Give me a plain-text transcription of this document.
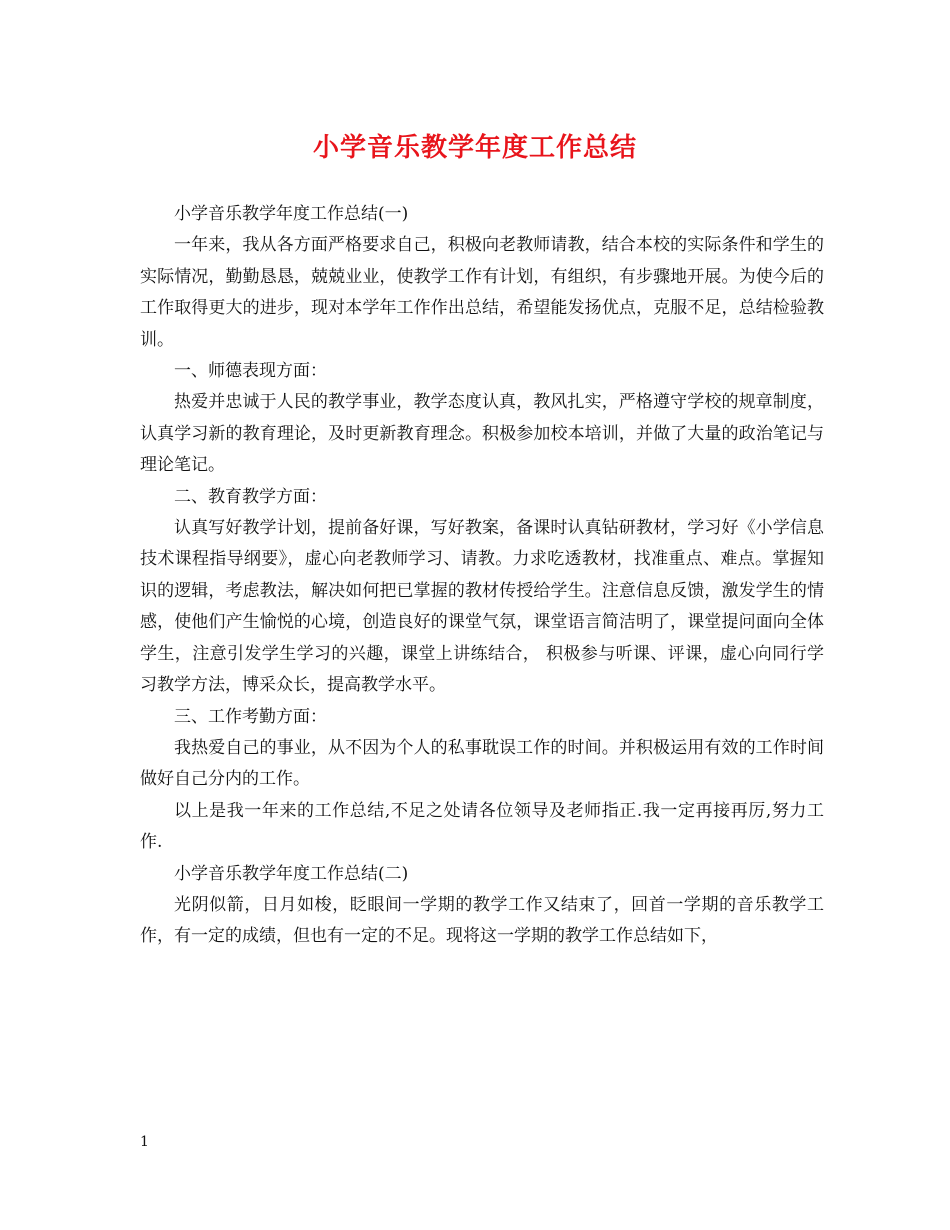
小学音乐教学年度工作总结

小学音乐教学年度工作总结(一)

一年来，我从各方面严格要求自己，积极向老教师请教，结合本校的实际条件和学生的实际情况，勤勤恳恳，兢兢业业，使教学工作有计划，有组织，有步骤地开展。为使今后的工作取得更大的进步，现对本学年工作作出总结，希望能发扬优点，克服不足，总结检验教训。

一、师德表现方面：

热爱并忠诚于人民的教学事业，教学态度认真，教风扎实，严格遵守学校的规章制度，认真学习新的教育理论，及时更新教育理念。积极参加校本培训，并做了大量的政治笔记与理论笔记。

二、教育教学方面：

认真写好教学计划，提前备好课，写好教案，备课时认真钻研教材，学习好《小学信息技术课程指导纲要》，虚心向老教师学习、请教。力求吃透教材，找准重点、难点。掌握知识的逻辑，考虑教法，解决如何把已掌握的教材传授给学生。注意信息反馈，激发学生的情感，使他们产生愉悦的心境，创造良好的课堂气氛，课堂语言简洁明了，课堂提问面向全体学生，注意引发学生学习的兴趣，课堂上讲练结合， 积极参与听课、评课，虚心向同行学习教学方法，博采众长，提高教学水平。

三、工作考勤方面：

我热爱自己的事业，从不因为个人的私事耽误工作的时间。并积极运用有效的工作时间做好自己分内的工作。

以上是我一年来的工作总结,不足之处请各位领导及老师指正.我一定再接再厉,努力工作.

小学音乐教学年度工作总结(二)

光阴似箭，日月如梭，眨眼间一学期的教学工作又结束了，回首一学期的音乐教学工作，有一定的成绩，但也有一定的不足。现将这一学期的教学工作总结如下，

1
